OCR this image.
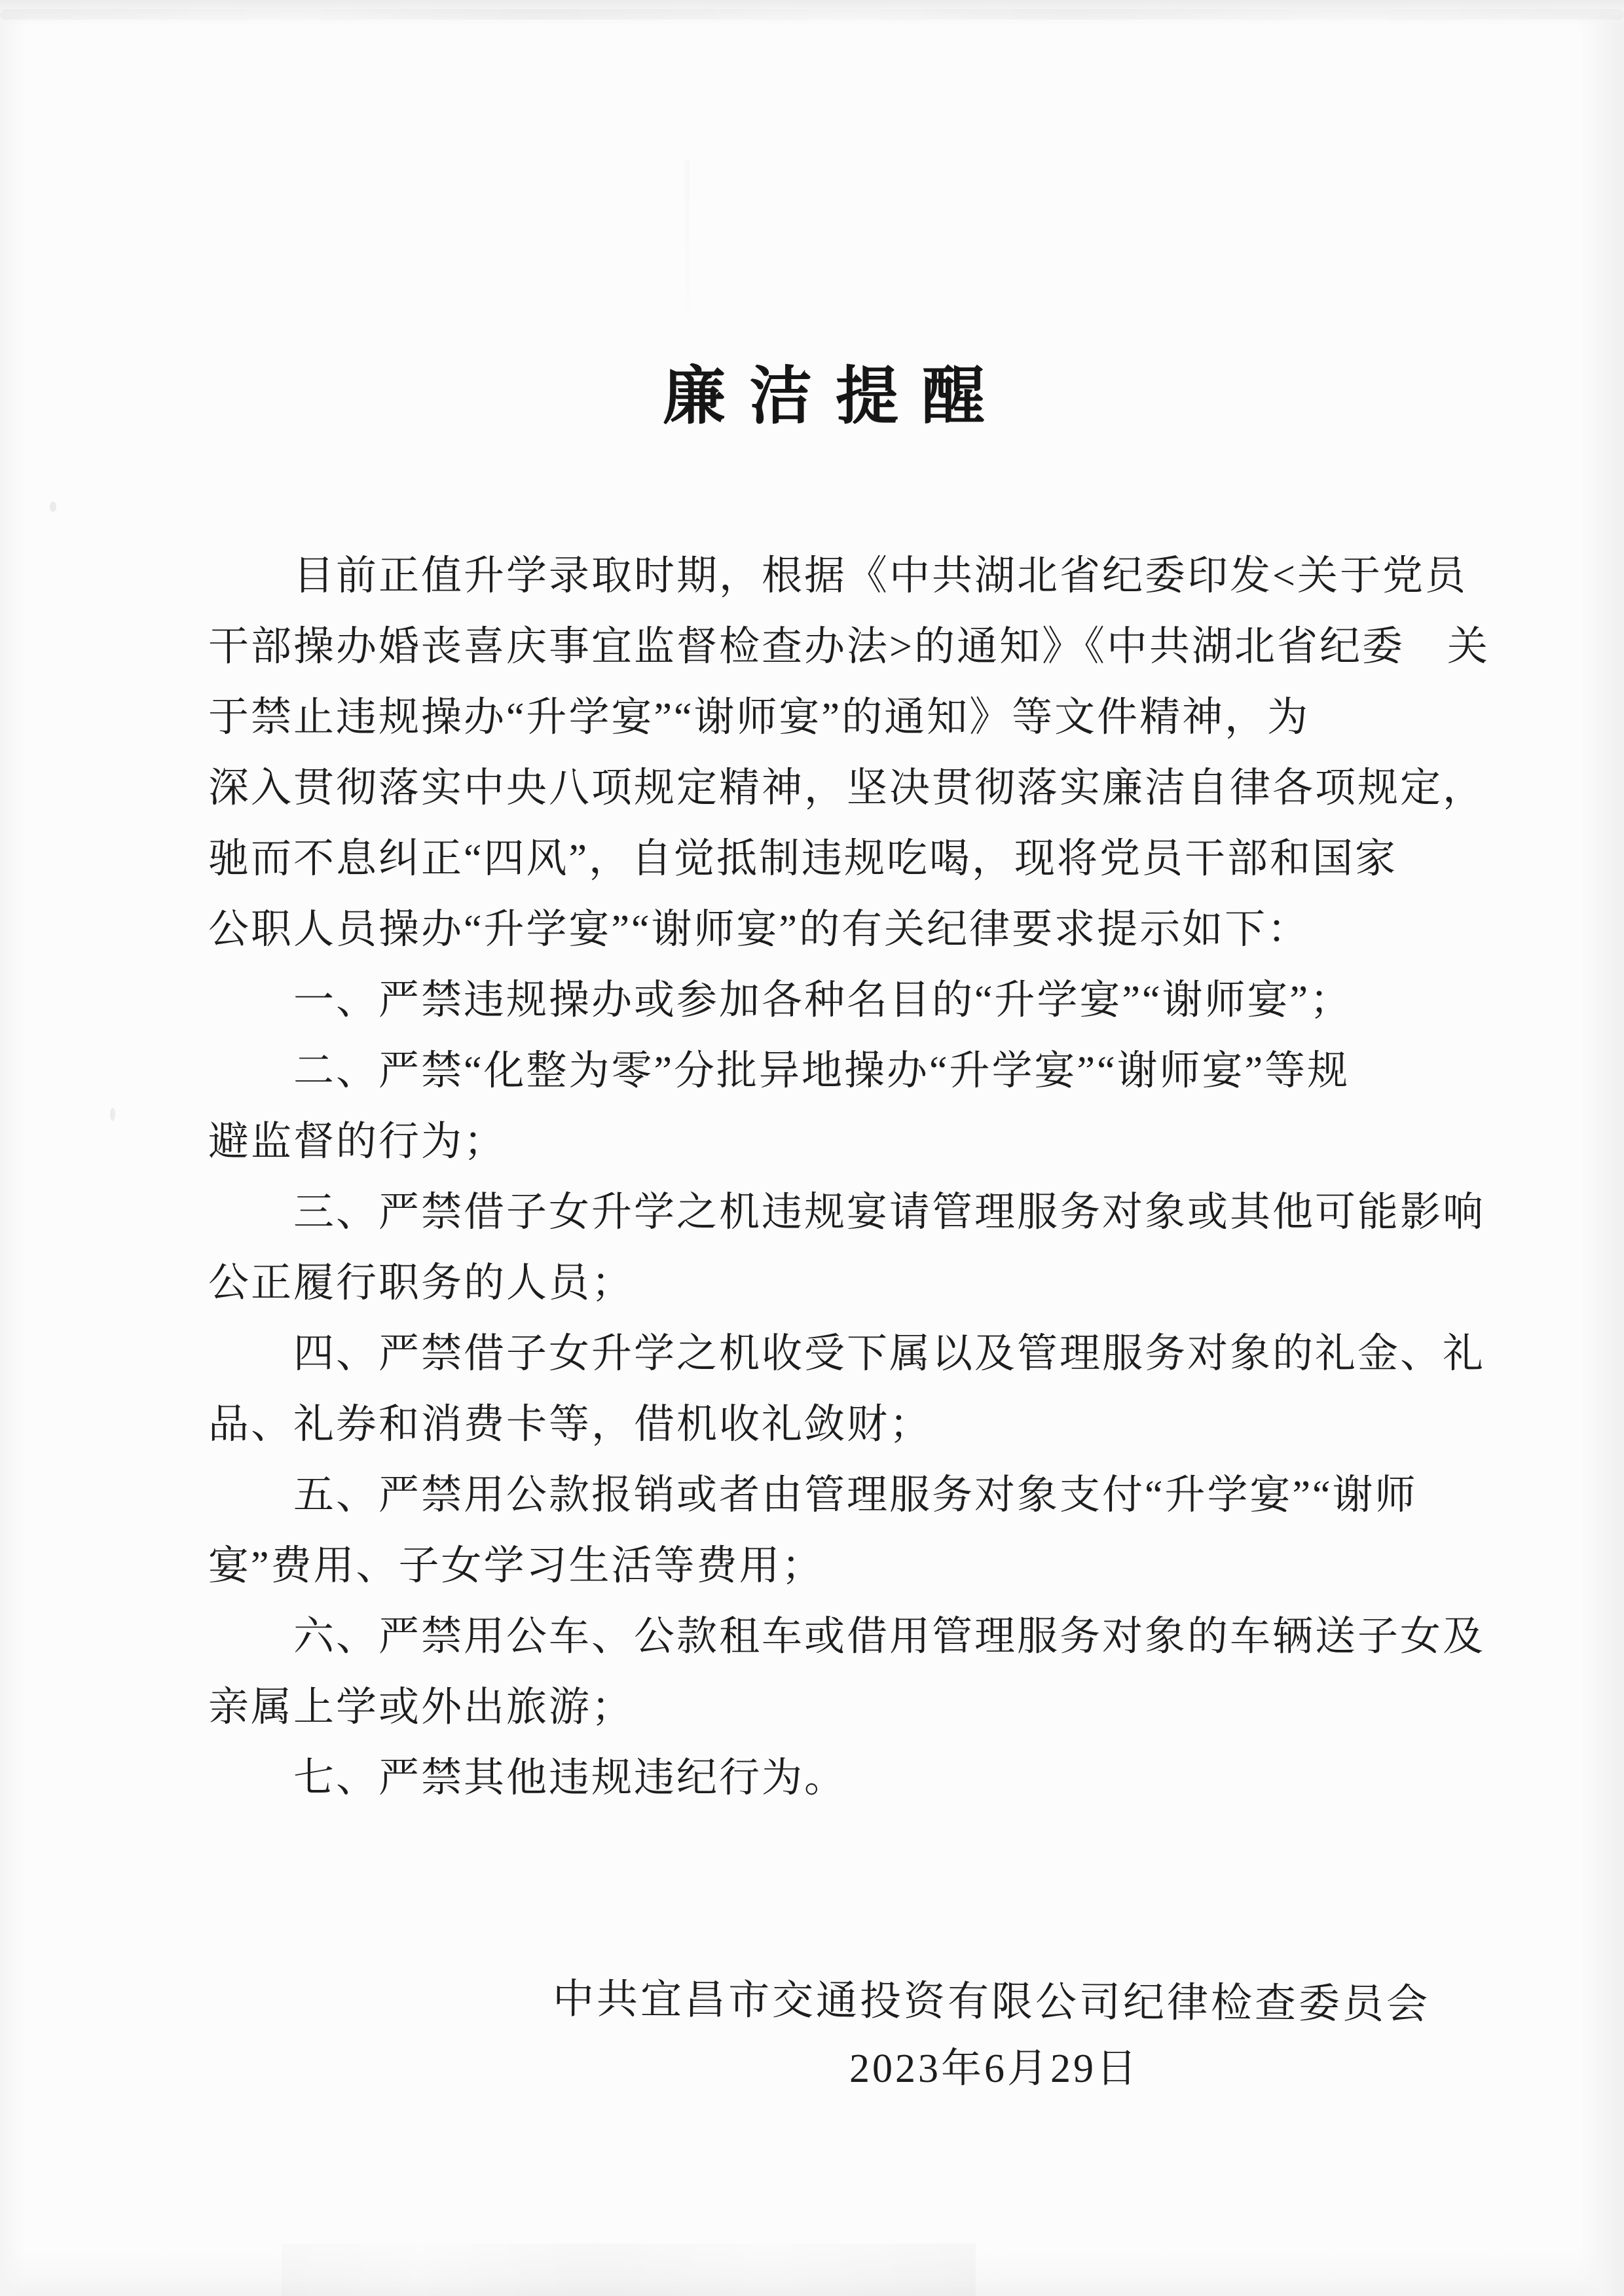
廉洁提醒
目前正值升学录取时期，根据《中共湖北省纪委印发<关于党员
干部操办婚丧喜庆事宜监督检查办法>的通知》《中共湖北省纪委　关
于禁止违规操办“升学宴”“谢师宴”的通知》等文件精神，为
深入贯彻落实中央八项规定精神，坚决贯彻落实廉洁自律各项规定，
驰而不息纠正“四风”，自觉抵制违规吃喝，现将党员干部和国家
公职人员操办“升学宴”“谢师宴”的有关纪律要求提示如下：
一、严禁违规操办或参加各种名目的“升学宴”“谢师宴”；
二、严禁“化整为零”分批异地操办“升学宴”“谢师宴”等规
避监督的行为；
三、严禁借子女升学之机违规宴请管理服务对象或其他可能影响
公正履行职务的人员；
四、严禁借子女升学之机收受下属以及管理服务对象的礼金、礼
品、礼券和消费卡等，借机收礼敛财；
五、严禁用公款报销或者由管理服务对象支付“升学宴”“谢师
宴”费用、子女学习生活等费用；
六、严禁用公车、公款租车或借用管理服务对象的车辆送子女及
亲属上学或外出旅游；
七、严禁其他违规违纪行为。
中共宜昌市交通投资有限公司纪律检查委员会
2023年6月29日
